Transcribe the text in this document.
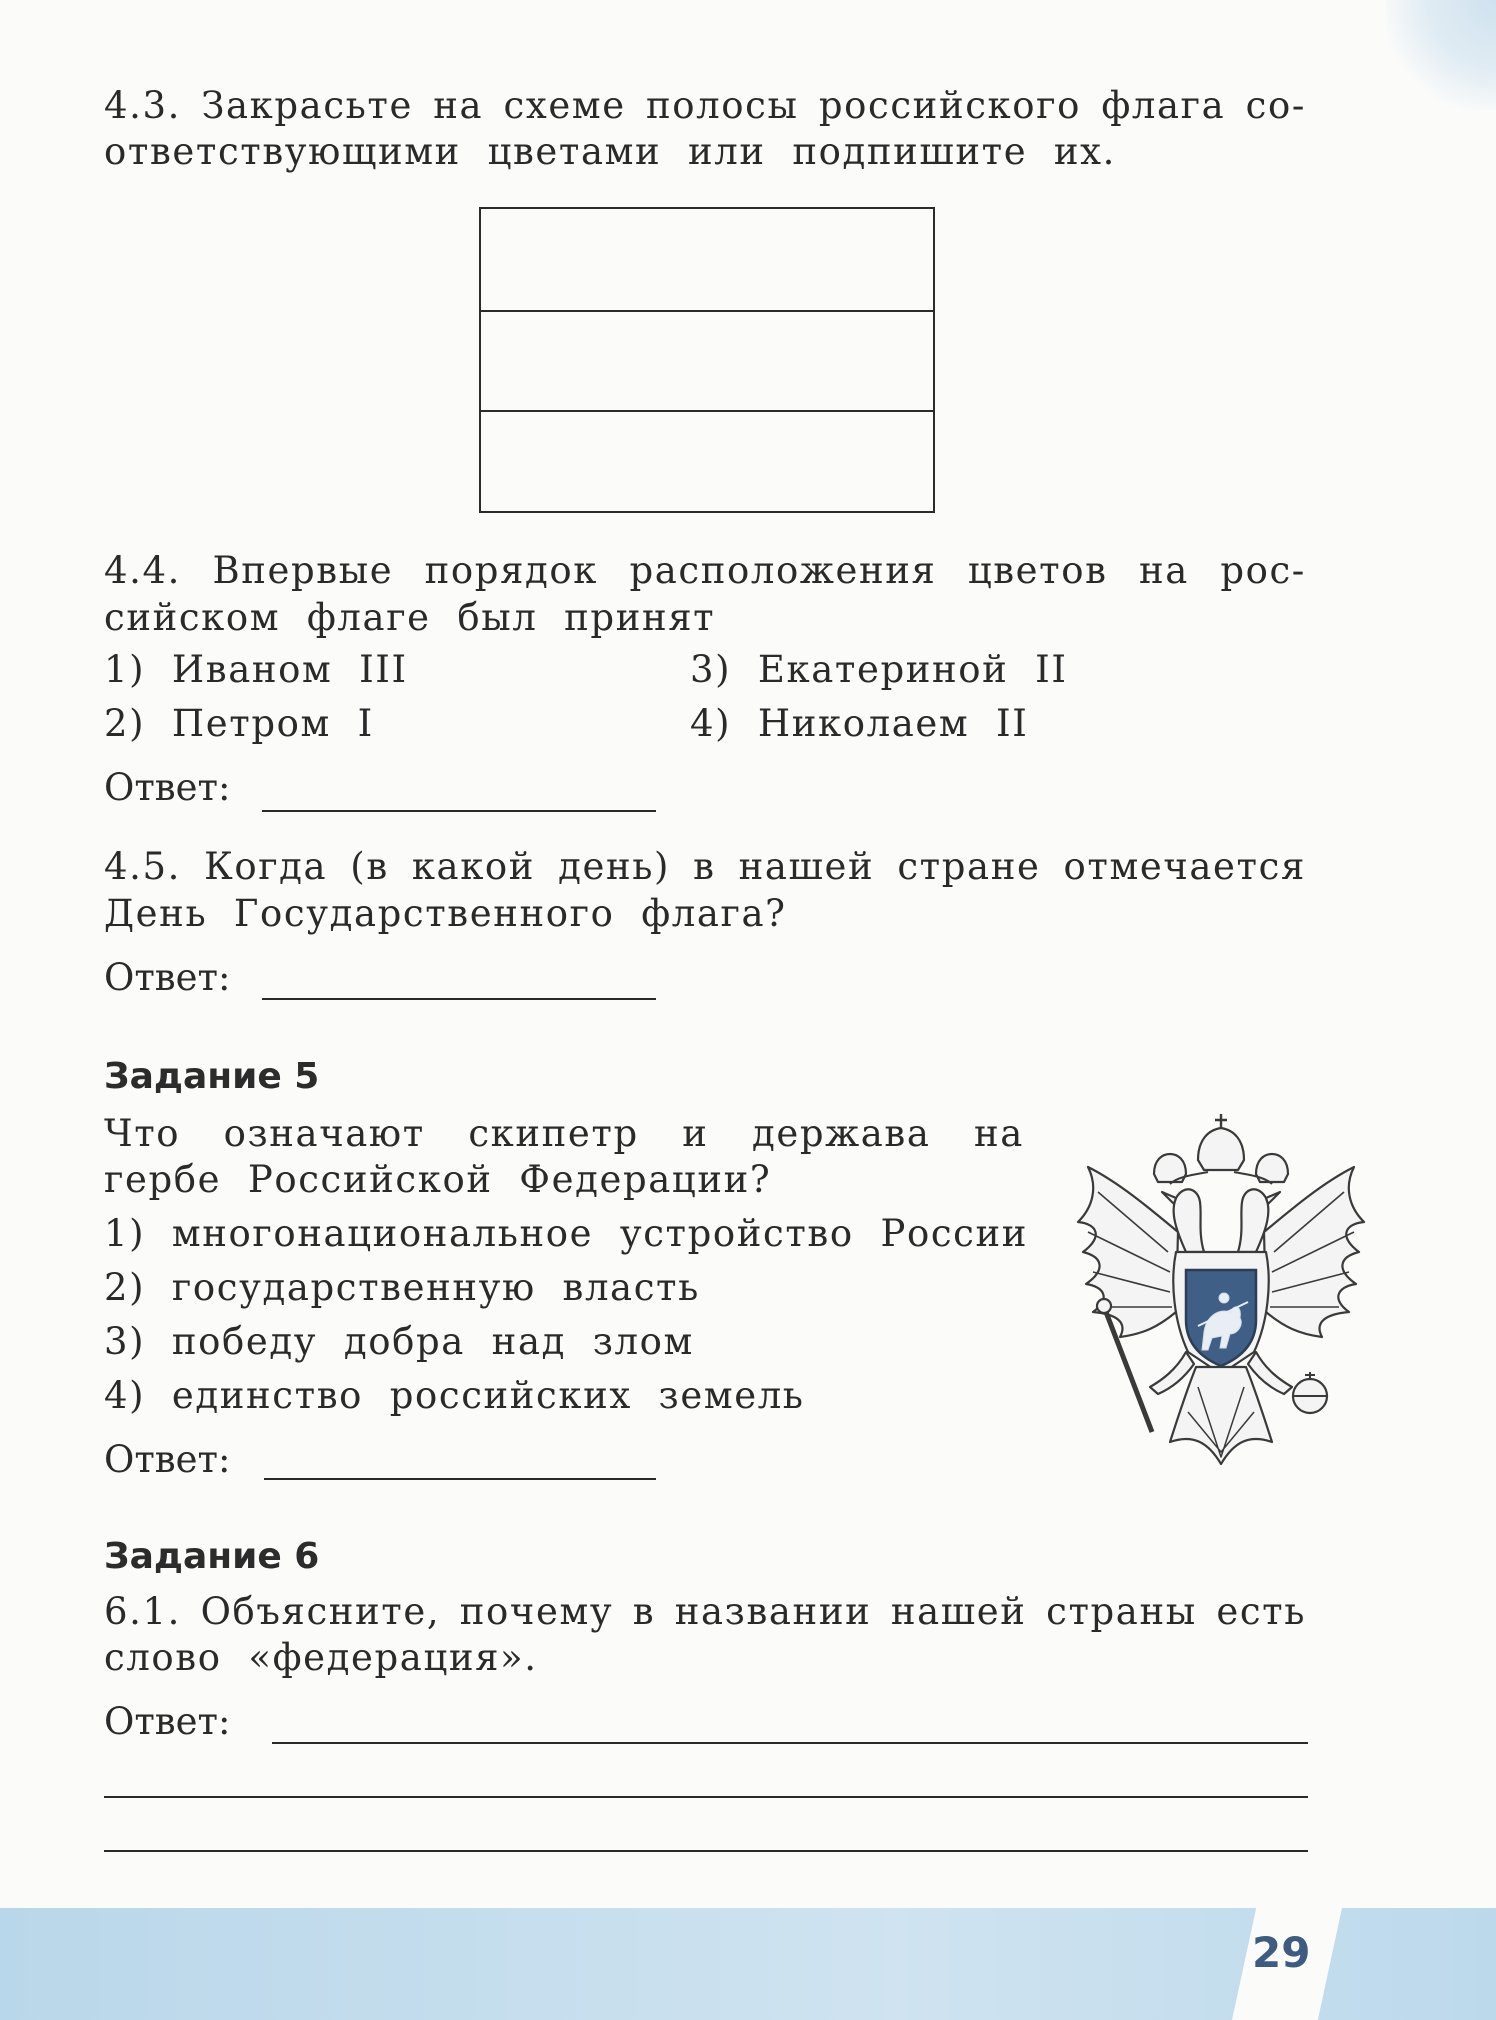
4.3. Закрасьте на схеме полосы российского флага со-
ответствующими  цветами  или  подпишите  их.
4.4. Впервые порядок расположения цветов на рос-
сийском  флаге  был  принят
1)  Иваном  III
2)  Петром  I
3)  Екатериной  II
4)  Николаем  II
Ответ:
4.5. Когда (в какой день) в нашей стране отмечается
День  Государственного  флага?
Ответ:
Задание 5
Что означают скипетр и держава на
гербе  Российской  Федерации?
1)  многонациональное  устройство  России
2)  государственную  власть
3)  победу  добра  над  злом
4)  единство  российских  земель
Ответ:
Задание 6
6.1. Объясните, почему в названии нашей страны есть
слово  «федерация».
Ответ:
29
